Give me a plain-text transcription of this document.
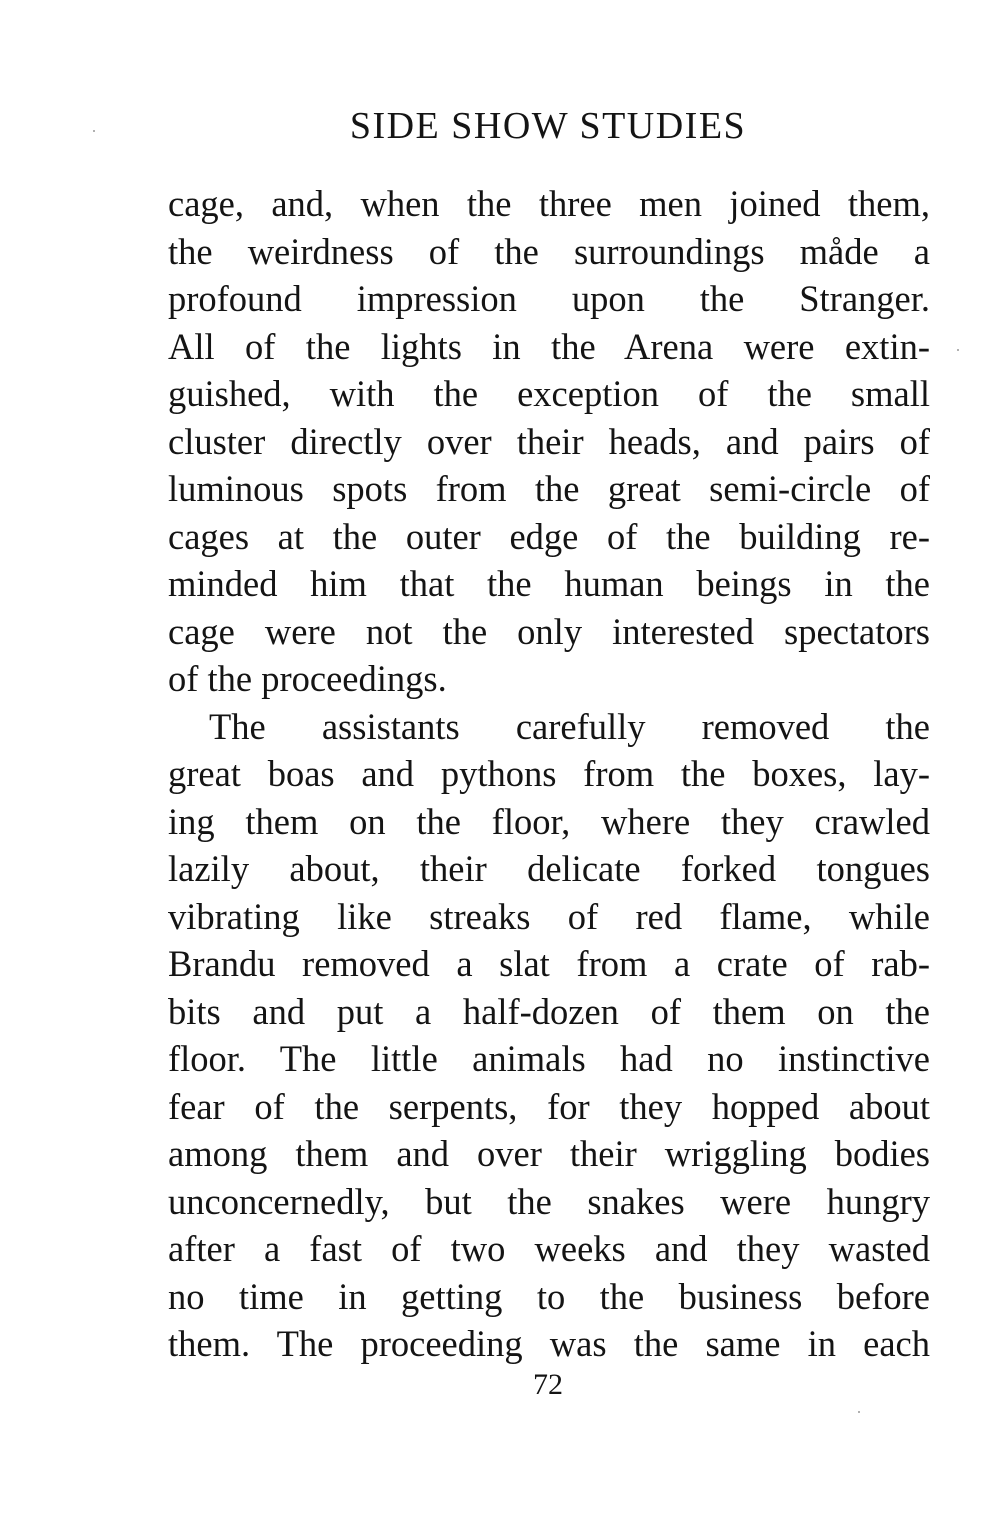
SIDE SHOW STUDIES
cage, and, when the three men joined them,
the weirdness of the surroundings måde a
profound impression upon the Stranger.
All of the lights in the Arena were extin-
guished, with the exception of the small
cluster directly over their heads, and pairs of
luminous spots from the great semi-circle of
cages at the outer edge of the building re-
minded him that the human beings in the
cage were not the only interested spectators
of the proceedings.
The assistants carefully removed the
great boas and pythons from the boxes, lay-
ing them on the floor, where they crawled
lazily about, their delicate forked tongues
vibrating like streaks of red flame, while
Brandu removed a slat from a crate of rab-
bits and put a half-dozen of them on the
floor. The little animals had no instinctive
fear of the serpents, for they hopped about
among them and over their wriggling bodies
unconcernedly, but the snakes were hungry
after a fast of two weeks and they wasted
no time in getting to the business before
them. The proceeding was the same in each
72
